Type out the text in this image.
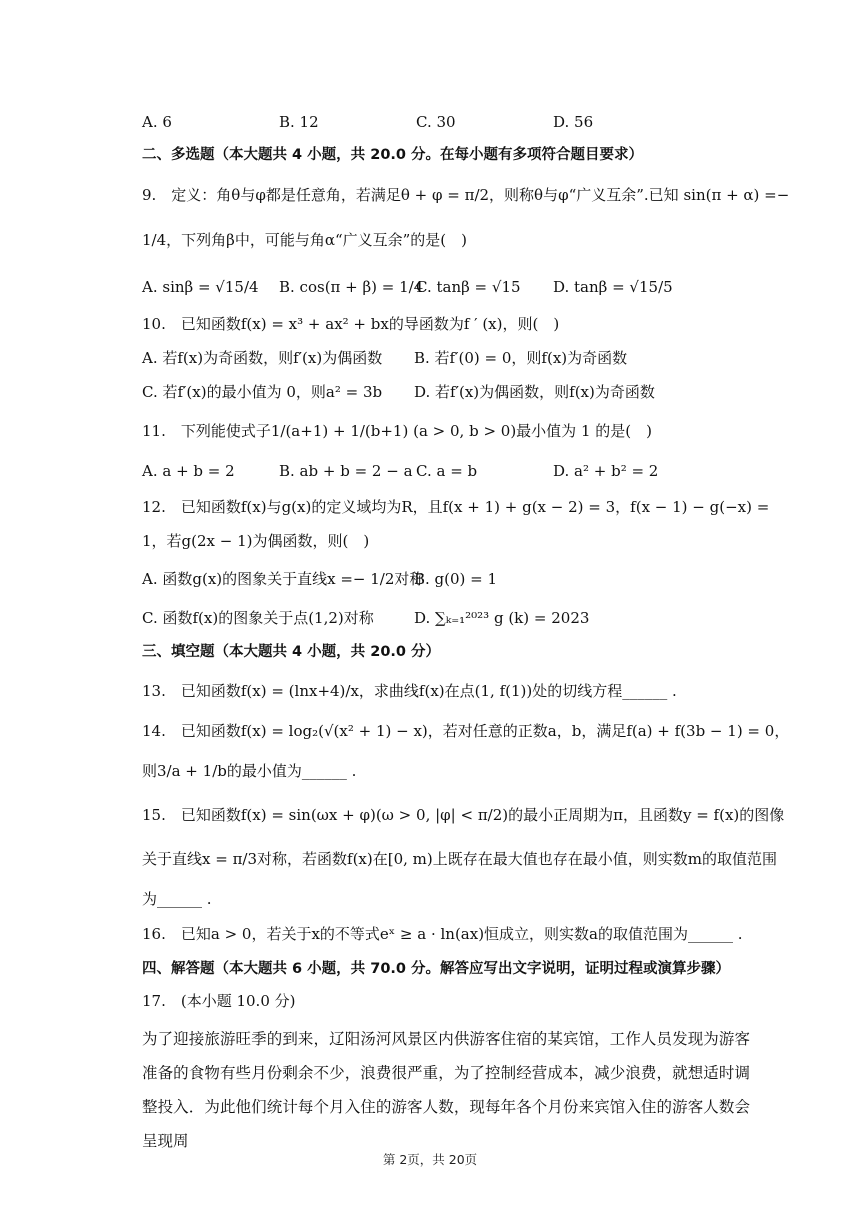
A. 6	B. 12	C. 30	D. 56
二、多选题（本大题共 4 小题，共 20.0 分。在每小题有多项符合题目要求）
9.　定义：角θ与φ都是任意角，若满足θ + φ = π/2，则称θ与φ“广义互余”.已知 sin(π + α) =−
1/4，下列角β中，可能与角α“广义互余”的是(　)
A. sinβ = √15/4 B. cos(π + β) = 1/4C. tanβ = √15 D. tanβ = √15/5
10.　已知函数f(x) = x³ + ax² + bx的导函数为f ′ (x)，则(　)
A. 若f(x)为奇函数，则f′(x)为偶函数 B. 若f′(0) = 0，则f(x)为奇函数
C. 若f′(x)的最小值为 0，则a² = 3b D. 若f′(x)为偶函数，则f(x)为奇函数
11.　下列能使式子1/(a+1) + 1/(b+1) (a > 0, b > 0)最小值为 1 的是(　)
A. a + b = 2	B. ab + b = 2 − a C. a = b	D. a² + b² = 2
12.　已知函数f(x)与g(x)的定义域均为R，且f(x + 1) + g(x − 2) = 3，f(x − 1) − g(−x) =
1，若g(2x − 1)为偶函数，则(　)
A. 函数g(x)的图象关于直线x =− 1/2对称B. g(0) = 1
C. 函数f(x)的图象关于点(1,2)对称	D. ∑ₖ₌₁²⁰²³ g (k) = 2023
三、填空题（本大题共 4 小题，共 20.0 分）
13.　已知函数f(x) = (lnx+4)/x，求曲线f(x)在点(1, f(1))处的切线方程______ .
14.　已知函数f(x) = log₂(√(x² + 1) − x)，若对任意的正数a，b，满足f(a) + f(3b − 1) = 0，
则3/a + 1/b的最小值为______ .
15.　已知函数f(x) = sin(ωx + φ)(ω > 0, |φ| < π/2)的最小正周期为π，且函数y = f(x)的图像
关于直线x = π/3对称，若函数f(x)在[0, m)上既存在最大值也存在最小值，则实数m的取值范围
为______ .
16.　已知a > 0，若关于x的不等式eˣ ≥ a · ln(ax)恒成立，则实数a的取值范围为______ .
四、解答题（本大题共 6 小题，共 70.0 分。解答应写出文字说明，证明过程或演算步骤）
17.　(本小题 10.0 分)
为了迎接旅游旺季的到来，辽阳汤河风景区内供游客住宿的某宾馆，工作人员发现为游客准备的食物有些月份剩余不少，浪费很严重，为了控制经营成本，减少浪费，就想适时调整投入．为此他们统计每个月入住的游客人数，现每年各个月份来宾馆入住的游客人数会呈现周
第 2页，共 20页
